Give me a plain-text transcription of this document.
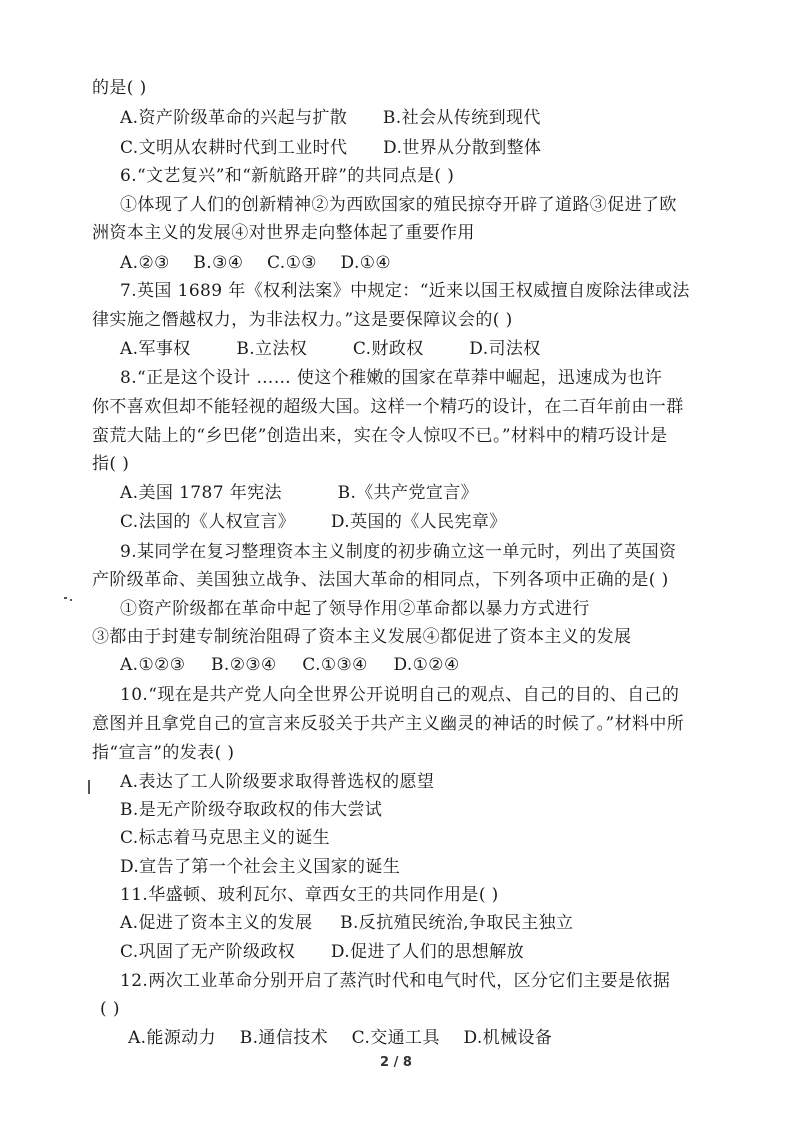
的是( )
A.资产阶级革命的兴起与扩散 B.社会从传统到现代
C.文明从农耕时代到工业时代 D.世界从分散到整体
6.“文艺复兴”和“新航路开辟”的共同点是( )
①体现了人们的创新精神②为西欧国家的殖民掠夺开辟了道路③促进了欧
洲资本主义的发展④对世界走向整体起了重要作用
A.②③ B.③④ C.①③ D.①④
7.英国 1689 年《权利法案》中规定：“近来以国王权威擅自废除法律或法
律实施之僭越权力，为非法权力。”这是要保障议会的( )
A.军事权	B.立法权	C.财政权	D.司法权
8.“正是这个设计 …… 使这个稚嫩的国家在草莽中崛起，迅速成为也许
你不喜欢但却不能轻视的超级大国。这样一个精巧的设计，在二百年前由一群
蛮荒大陆上的“乡巴佬”创造出来，实在令人惊叹不已。”材料中的精巧设计是
指( )
A.美国 1787 年宪法	B.《共产党宣言》
C.法国的《人权宣言》 D.英国的《人民宪章》
9.某同学在复习整理资本主义制度的初步确立这一单元时，列出了英国资
产阶级革命、美国独立战争、法国大革命的相同点，下列各项中正确的是( )
①资产阶级都在革命中起了领导作用②革命都以暴力方式进行
③都由于封建专制统治阻碍了资本主义发展④都促进了资本主义的发展
A.①②③ B.②③④ C.①③④ D.①②④
10.“现在是共产党人向全世界公开说明自己的观点、自己的目的、自己的
意图并且拿党自己的宣言来反驳关于共产主义幽灵的神话的时候了。”材料中所
指“宣言”的发表( )
A.表达了工人阶级要求取得普选权的愿望
B.是无产阶级夺取政权的伟大尝试
C.标志着马克思主义的诞生
D.宣告了第一个社会主义国家的诞生
11.华盛顿、玻利瓦尔、章西女王的共同作用是( )
A.促进了资本主义的发展 B.反抗殖民统治,争取民主独立
C.巩固了无产阶级政权 D.促进了人们的思想解放
12.两次工业革命分别开启了蒸汽时代和电气时代，区分它们主要是依据
( )
A.能源动力 B.通信技术 C.交通工具 D.机械设备
2 / 8
